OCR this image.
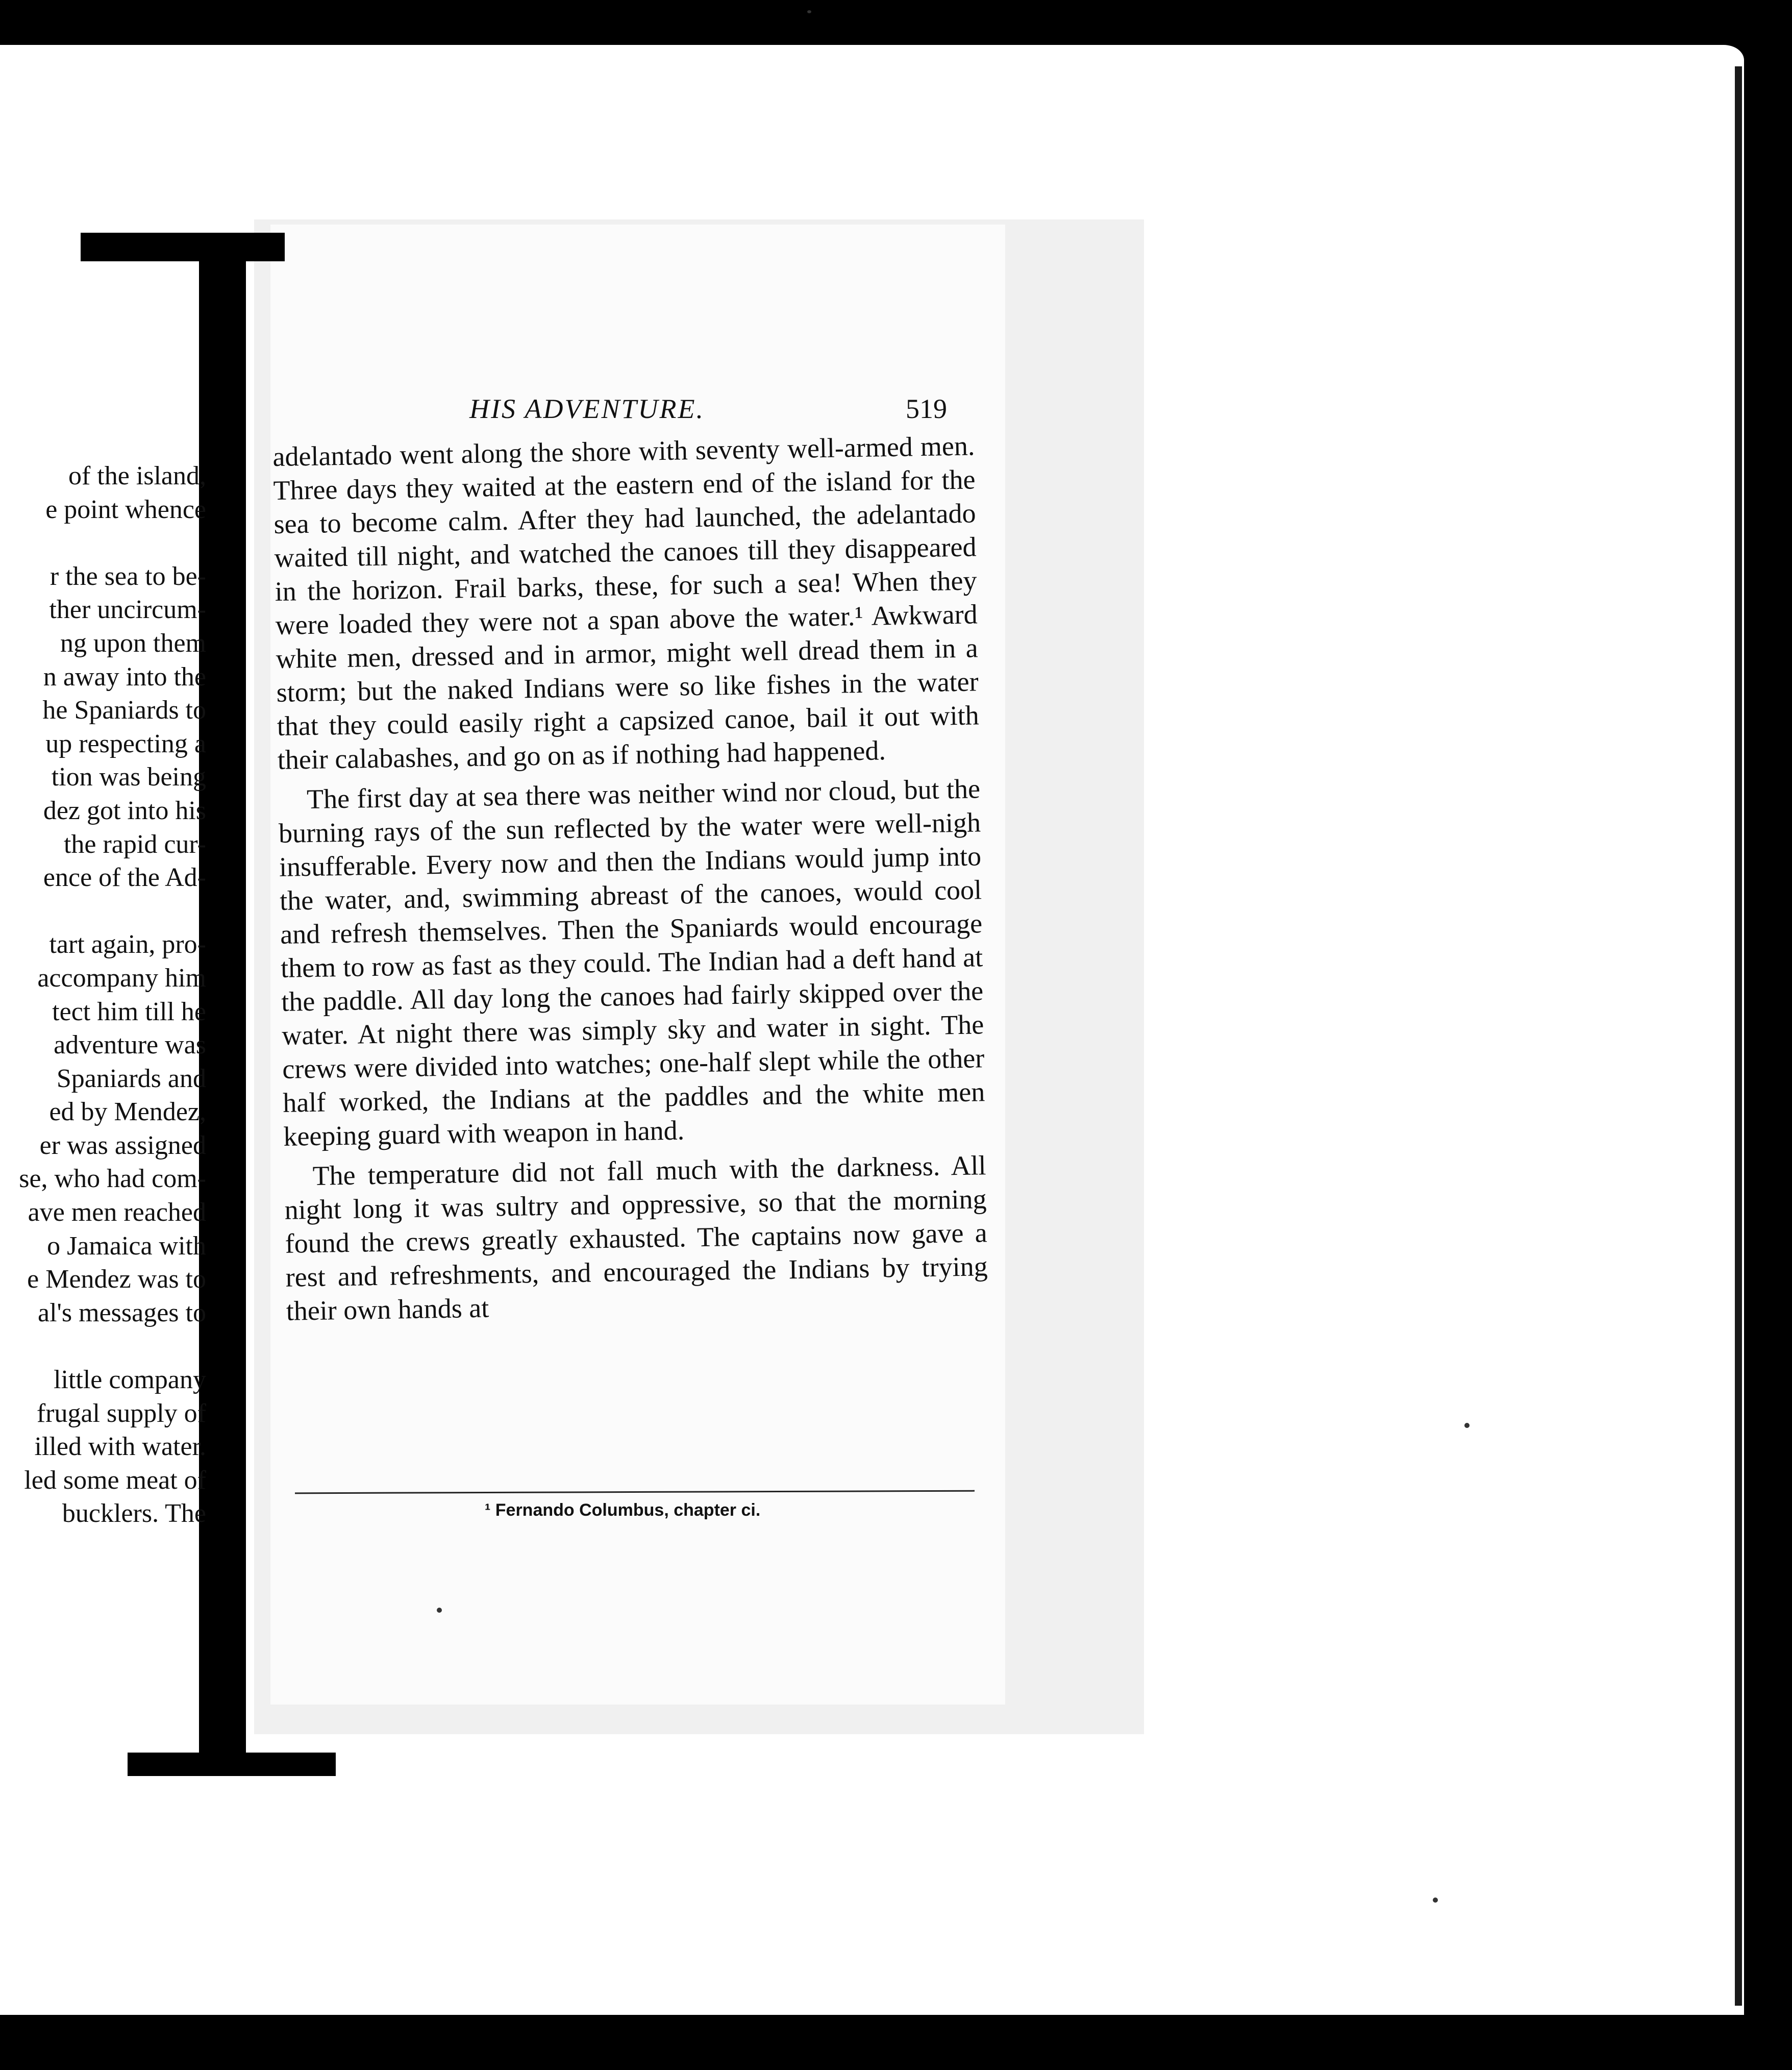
of the island,
e point whence
r the sea to be-
ther uncircum-
ng upon them
n away into the
he Spaniards to
up respecting a
tion was being
dez got into his
the rapid cur-
ence of the Ad-
tart again, pro-
accompany him
tect him till he
adventure was
Spaniards and
ed by Mendez,
er was assigned
se, who had com-
ave men reached
o Jamaica with
e Mendez was to
al's messages to
little company
frugal supply of
illed with water.
led some meat of
bucklers. The
HIS ADVENTURE.	519

adelantado went along the shore with seventy well-armed men. Three days they waited at the eastern end of the island for the sea to become calm. After they had launched, the adelantado waited till night, and watched the canoes till they disappeared in the horizon. Frail barks, these, for such a sea! When they were loaded they were not a span above the water.¹ Awkward white men, dressed and in armor, might well dread them in a storm; but the naked Indians were so like fishes in the water that they could easily right a capsized canoe, bail it out with their calabashes, and go on as if nothing had happened.

The first day at sea there was neither wind nor cloud, but the burning rays of the sun reflected by the water were well-nigh insufferable. Every now and then the Indians would jump into the water, and, swimming abreast of the canoes, would cool and refresh themselves. Then the Spaniards would encourage them to row as fast as they could. The Indian had a deft hand at the paddle. All day long the canoes had fairly skipped over the water. At night there was simply sky and water in sight. The crews were divided into watches; one-half slept while the other half worked, the Indians at the paddles and the white men keeping guard with weapon in hand.

The temperature did not fall much with the darkness. All night long it was sultry and oppressive, so that the morning found the crews greatly exhausted. The captains now gave a rest and refreshments, and encouraged the Indians by trying their own hands at

¹ Fernando Columbus, chapter ci.
